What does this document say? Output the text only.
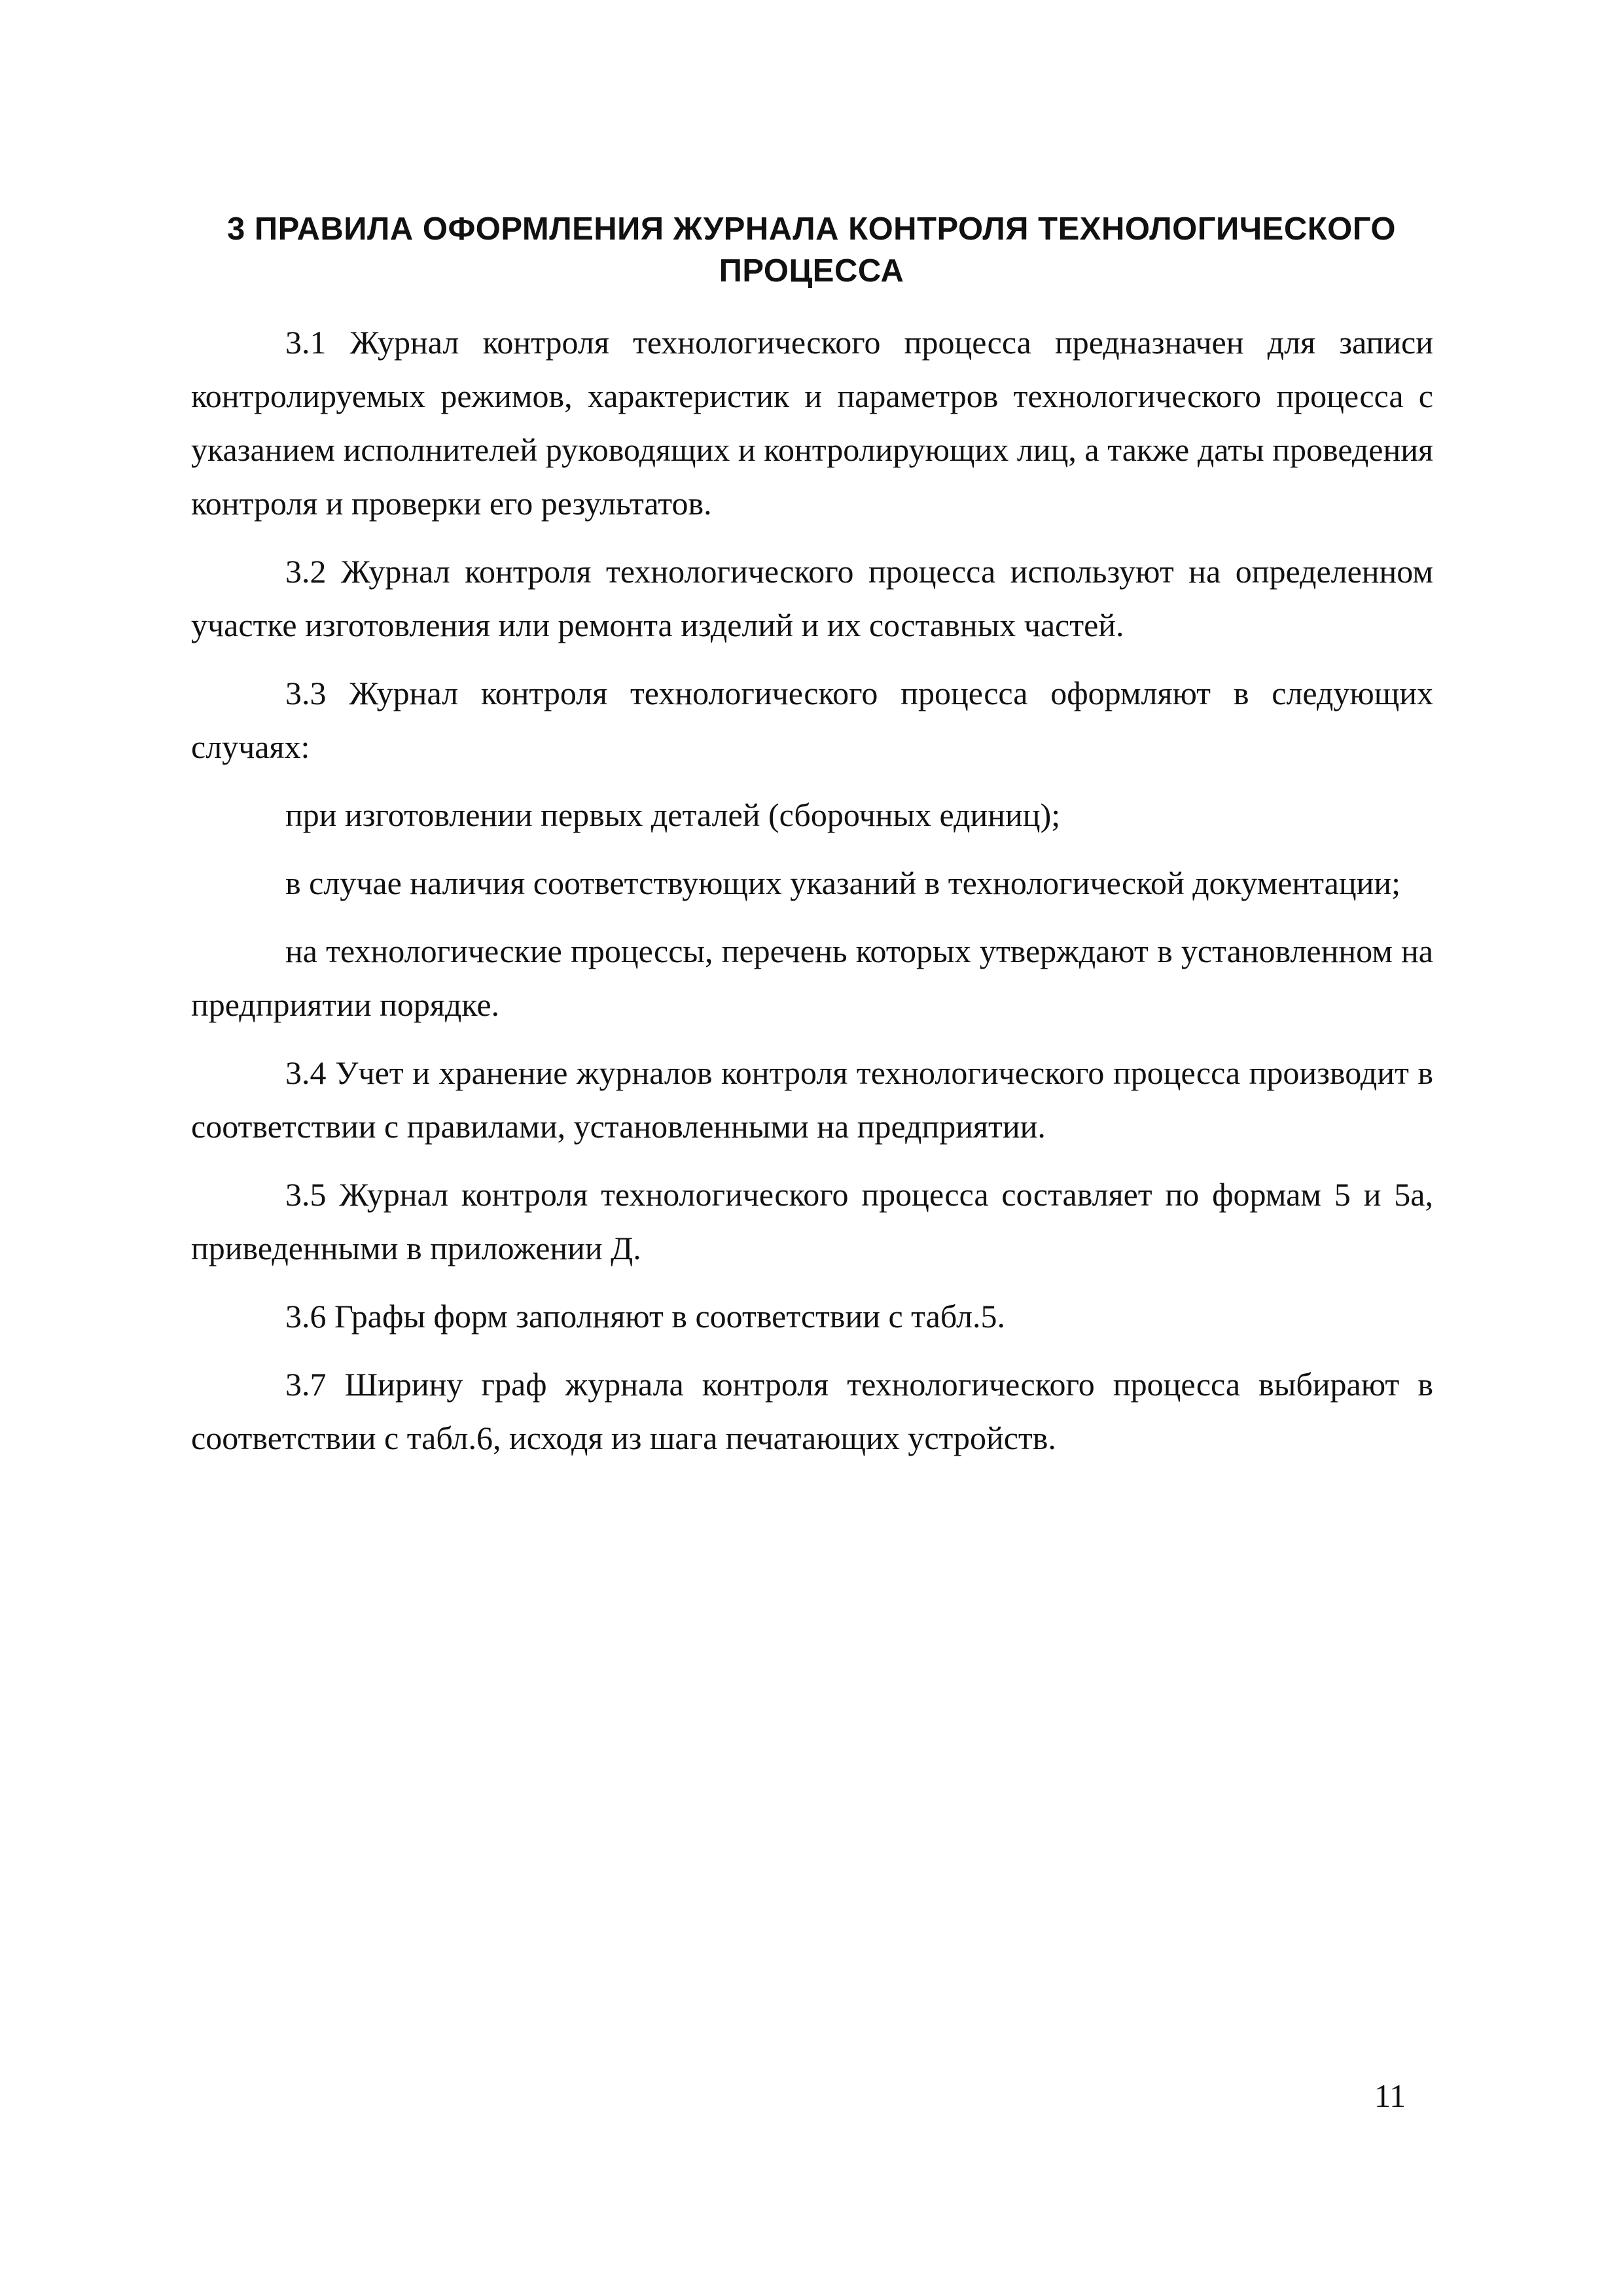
3 ПРАВИЛА ОФОРМЛЕНИЯ ЖУРНАЛА КОНТРОЛЯ ТЕХНОЛОГИЧЕСКОГО
ПРОЦЕССА

3.1 Журнал контроля технологического процесса предназначен для записи контролируемых режимов, характеристик и параметров технологического процесса с указанием исполнителей руководящих и контролирующих лиц, а также даты проведения контроля и проверки его результатов.

3.2 Журнал контроля технологического процесса используют на определенном участке изготовления или ремонта изделий и их составных частей.

3.3 Журнал контроля технологического процесса оформляют в следующих случаях:

при изготовлении первых деталей (сборочных единиц);

в случае наличия соответствующих указаний в технологической документации;

на технологические процессы, перечень которых утверждают в установленном на предприятии порядке.

3.4 Учет и хранение журналов контроля технологического процесса производит в соответствии с правилами, установленными на предприятии.

3.5 Журнал контроля технологического процесса составляет по формам 5 и 5а, приведенными в приложении Д.

3.6 Графы форм заполняют в соответствии с табл.5.

3.7 Ширину граф журнала контроля технологического процесса выбирают в соответствии с табл.6, исходя из шага печатающих устройств.

11
